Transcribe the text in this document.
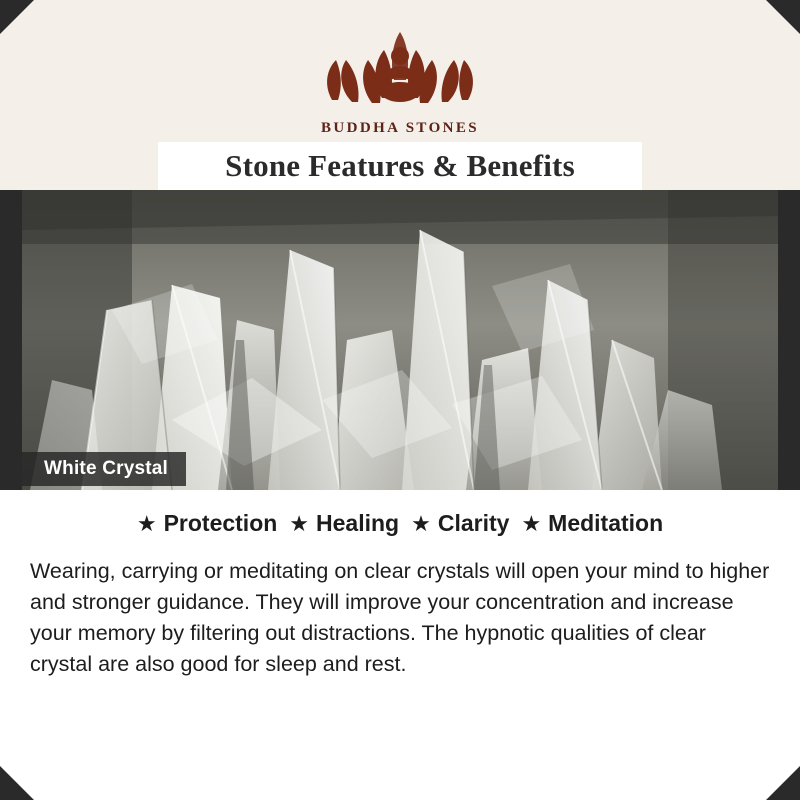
BUDDHA STONES
Stone Features & Benefits
White Crystal
★ Protection ★ Healing ★ Clarity ★ Meditation
Wearing, carrying or meditating on clear crystals will open your mind to higher and stronger guidance. They will improve your concentration and increase your memory by filtering out distractions. The hypnotic qualities of clear crystal are also good for sleep and rest.
